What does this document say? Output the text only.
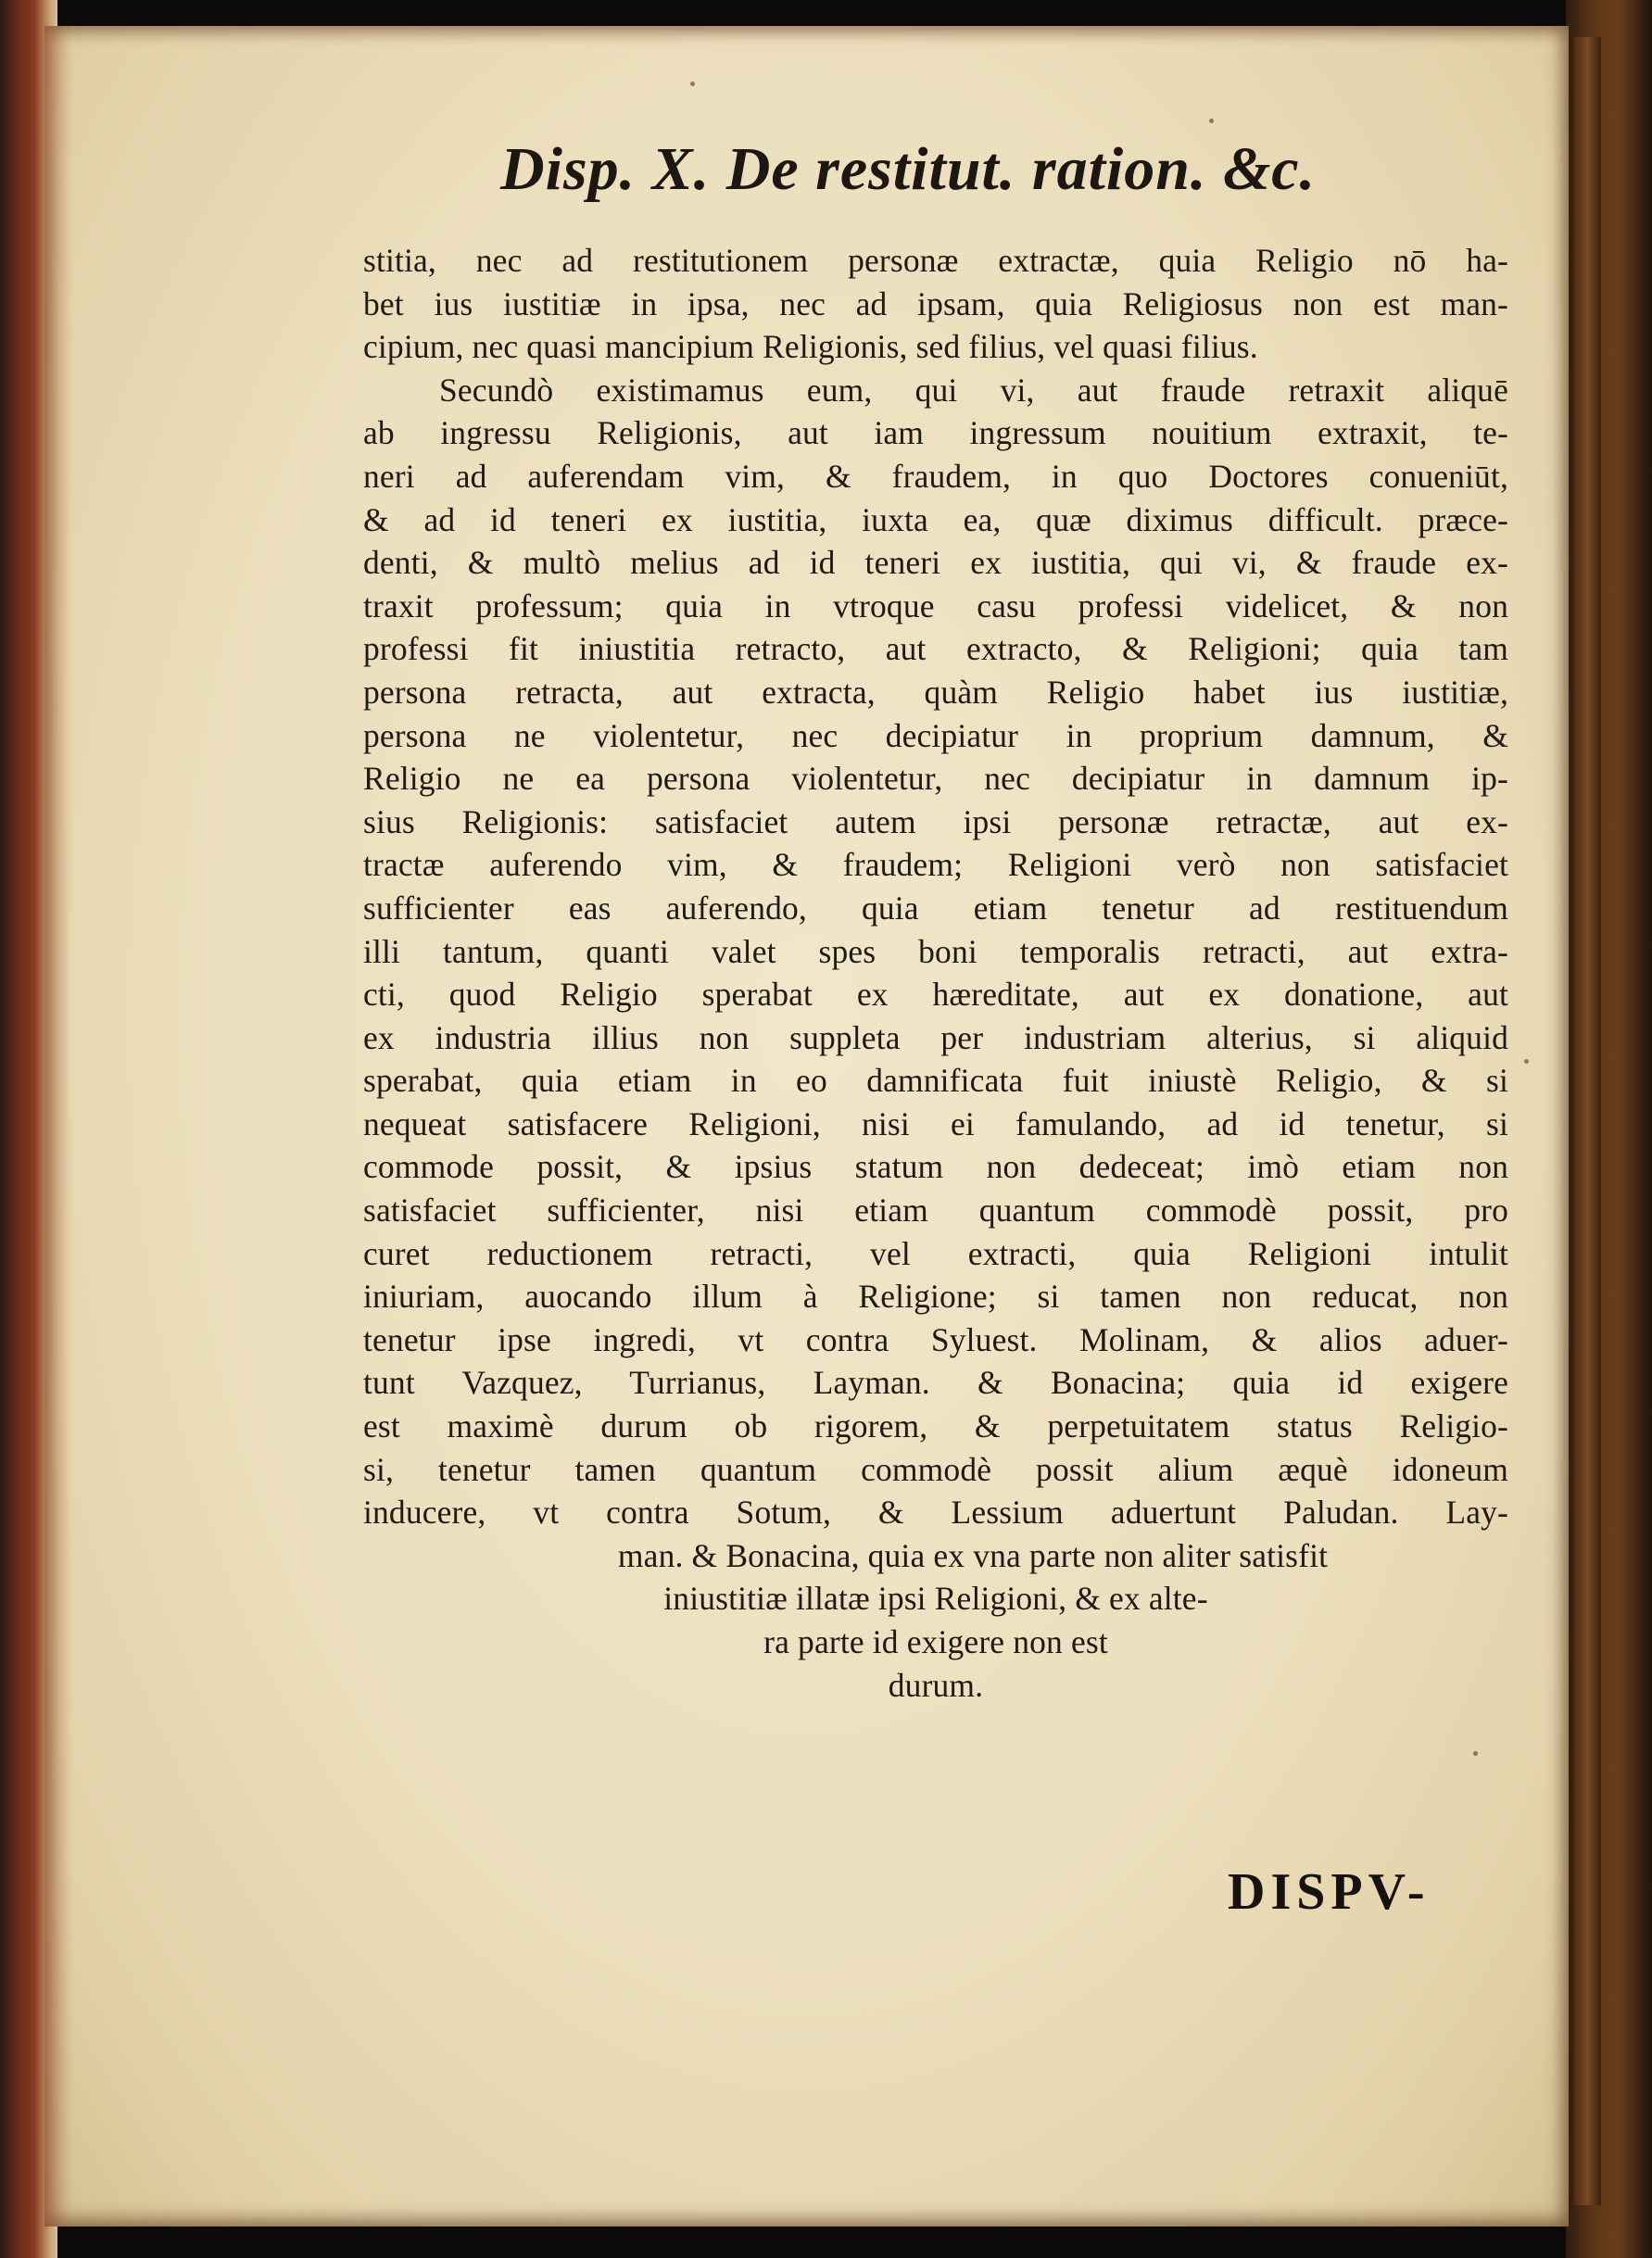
Disp. X. De restitut. ration. &c.
stitia, nec ad restitutionem personæ extractæ, quia Religio nō ha-
bet ius iustitiæ in ipsa, nec ad ipsam, quia Religiosus non est man-
cipium, nec quasi mancipium Religionis, sed filius, vel quasi filius.
Secundò existimamus eum, qui vi, aut fraude retraxit aliquē
ab ingressu Religionis, aut iam ingressum nouitium extraxit, te-
neri ad auferendam vim, & fraudem, in quo Doctores conueniūt,
& ad id teneri ex iustitia, iuxta ea, quæ diximus difficult. præce-
denti, & multò melius ad id teneri ex iustitia, qui vi, & fraude ex-
traxit professum; quia in vtroque casu professi videlicet, & non
professi fit iniustitia retracto, aut extracto, & Religioni; quia tam
persona retracta, aut extracta, quàm Religio habet ius iustitiæ,
persona ne violentetur, nec decipiatur in proprium damnum, &
Religio ne ea persona violentetur, nec decipiatur in damnum ip-
sius Religionis: satisfaciet autem ipsi personæ retractæ, aut ex-
tractæ auferendo vim, & fraudem; Religioni verò non satisfaciet
sufficienter eas auferendo, quia etiam tenetur ad restituendum
illi tantum, quanti valet spes boni temporalis retracti, aut extra-
cti, quod Religio sperabat ex hæreditate, aut ex donatione, aut
ex industria illius non suppleta per industriam alterius, si aliquid
sperabat, quia etiam in eo damnificata fuit iniustè Religio, & si
nequeat satisfacere Religioni, nisi ei famulando, ad id tenetur, si
commode possit, & ipsius statum non dedeceat; imò etiam non
satisfaciet sufficienter, nisi etiam quantum commodè possit, pro
curet reductionem retracti, vel extracti, quia Religioni intulit
iniuriam, auocando illum à Religione; si tamen non reducat, non
tenetur ipse ingredi, vt contra Syluest. Molinam, & alios aduer-
tunt Vazquez, Turrianus, Layman. & Bonacina; quia id exigere
est maximè durum ob rigorem, & perpetuitatem status Religio-
si, tenetur tamen quantum commodè possit alium æquè idoneum
inducere, vt contra Sotum, & Lessium aduertunt Paludan. Lay-
man. & Bonacina, quia ex vna parte non aliter satisfit
iniustitiæ illatæ ipsi Religioni, & ex alte-
ra parte id exigere non est
durum.
DISPV-
